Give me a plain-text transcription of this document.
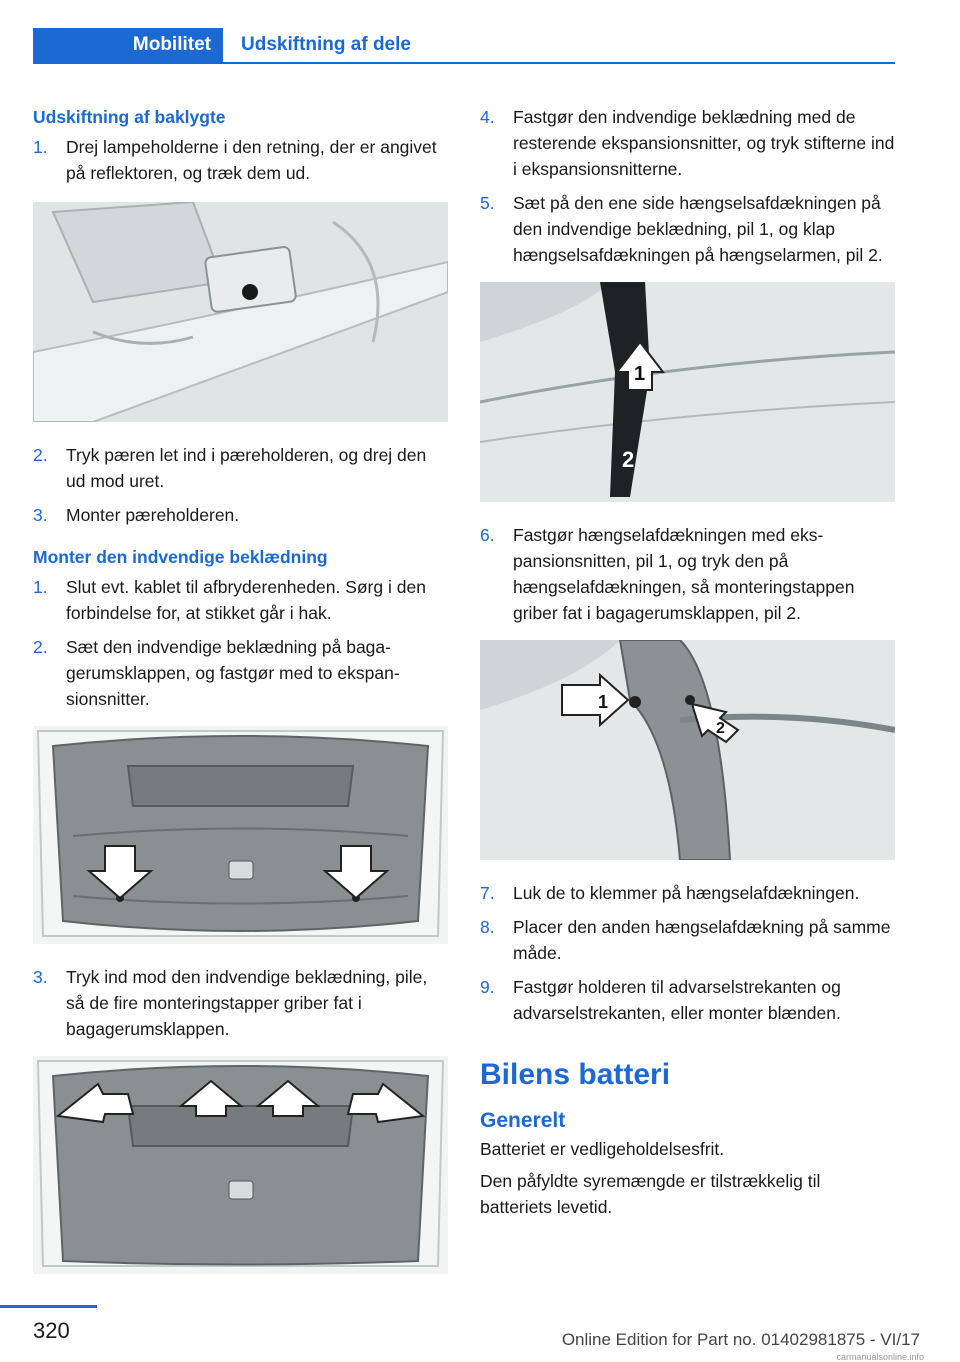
Mobilitet Udskiftning af dele
Udskiftning af baklygte
1.	Drej lampeholderne i den retning, der er angivet på reflektoren, og træk dem ud.
2.	Tryk pæren let ind i pæreholderen, og drej den ud mod uret.
3.	Monter pæreholderen.
Monter den indvendige beklædning
1.	Slut evt. kablet til afbryderenheden. Sørg i den forbindelse for, at stikket går i hak.
2.	Sæt den indvendige beklædning på bagagerumsklappen, og fastgør med to ekspansionsnitter.
3.	Tryk ind mod den indvendige beklædning, pile, så de fire monteringstapper griber fat i bagagerumsklappen.
4.	Fastgør den indvendige beklædning med de resterende ekspansionsnitter, og tryk stifterne ind i ekspansionsnitterne.
5.	Sæt på den ene side hængselsafdækningen på den indvendige beklædning, pil 1, og klap hængselsafdækningen på hængselarmen, pil 2.
2
1
6.	Fastgør hængselafdækningen med ekspansionsnitten, pil 1, og tryk den på hængselafdækningen, så monteringstappen griber fat i bagagerumsklappen, pil 2.
1
2
7.	Luk de to klemmer på hængselafdækningen.
8.	Placer den anden hængselafdækning på samme måde.
9.	Fastgør holderen til advarselstrekanten og advarselstrekanten, eller monter blænden.
Bilens batteri
Generelt
Batteriet er vedligeholdelsesfrit.
Den påfyldte syremængde er tilstrækkelig til batteriets levetid.
320	Online Edition for Part no. 01402981875 - VI/17
carmanualsonline.info
